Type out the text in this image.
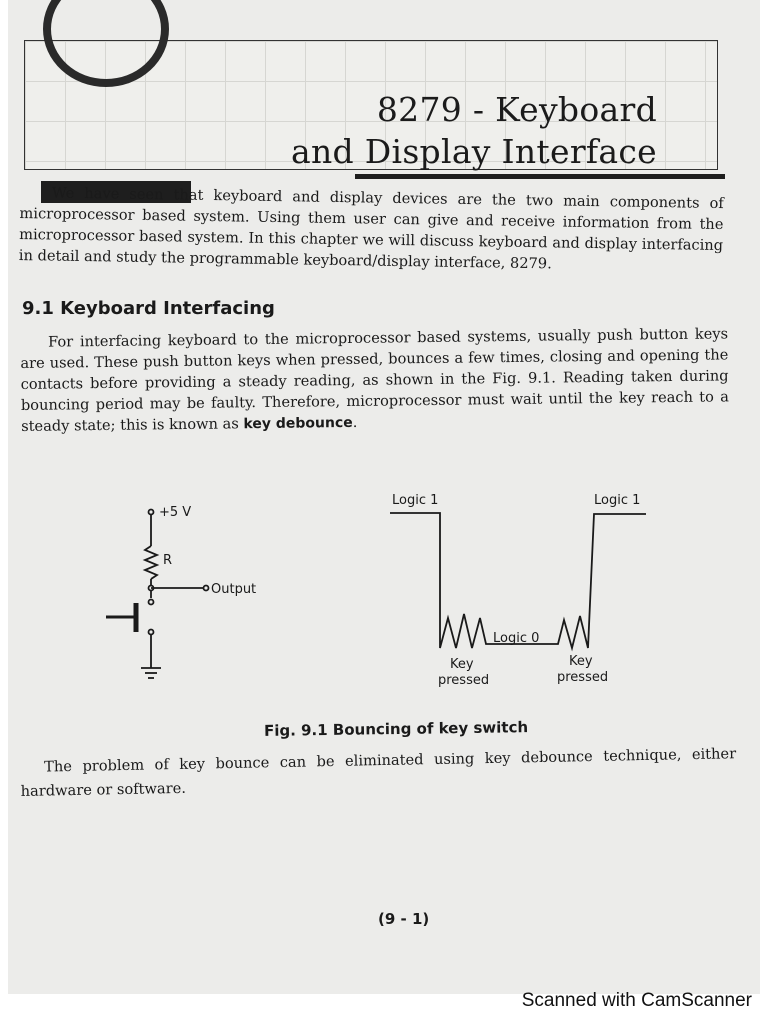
8279 - Keyboard
and Display Interface
We have seen that keyboard and display devices are the two main components of microprocessor based system. Using them user can give and receive information from the microprocessor based system. In this chapter we will discuss keyboard and display interfacing in detail and study the programmable keyboard/display interface, 8279.
9.1 Keyboard Interfacing
For interfacing keyboard to the microprocessor based systems, usually push button keys are used. These push button keys when pressed, bounces a few times, closing and opening the contacts before providing a steady reading, as shown in the Fig. 9.1. Reading taken during bouncing period may be faulty. Therefore, microprocessor must wait until the key reach to a steady state; this is known as key debounce.
+5 V
R
Output
Logic 1	Logic 1
Logic 0
Key
pressed
Key
pressed
Fig. 9.1 Bouncing of key switch
The problem of key bounce can be eliminated using key debounce technique, either hardware or software.
(9 - 1)
Scanned with CamScanner
